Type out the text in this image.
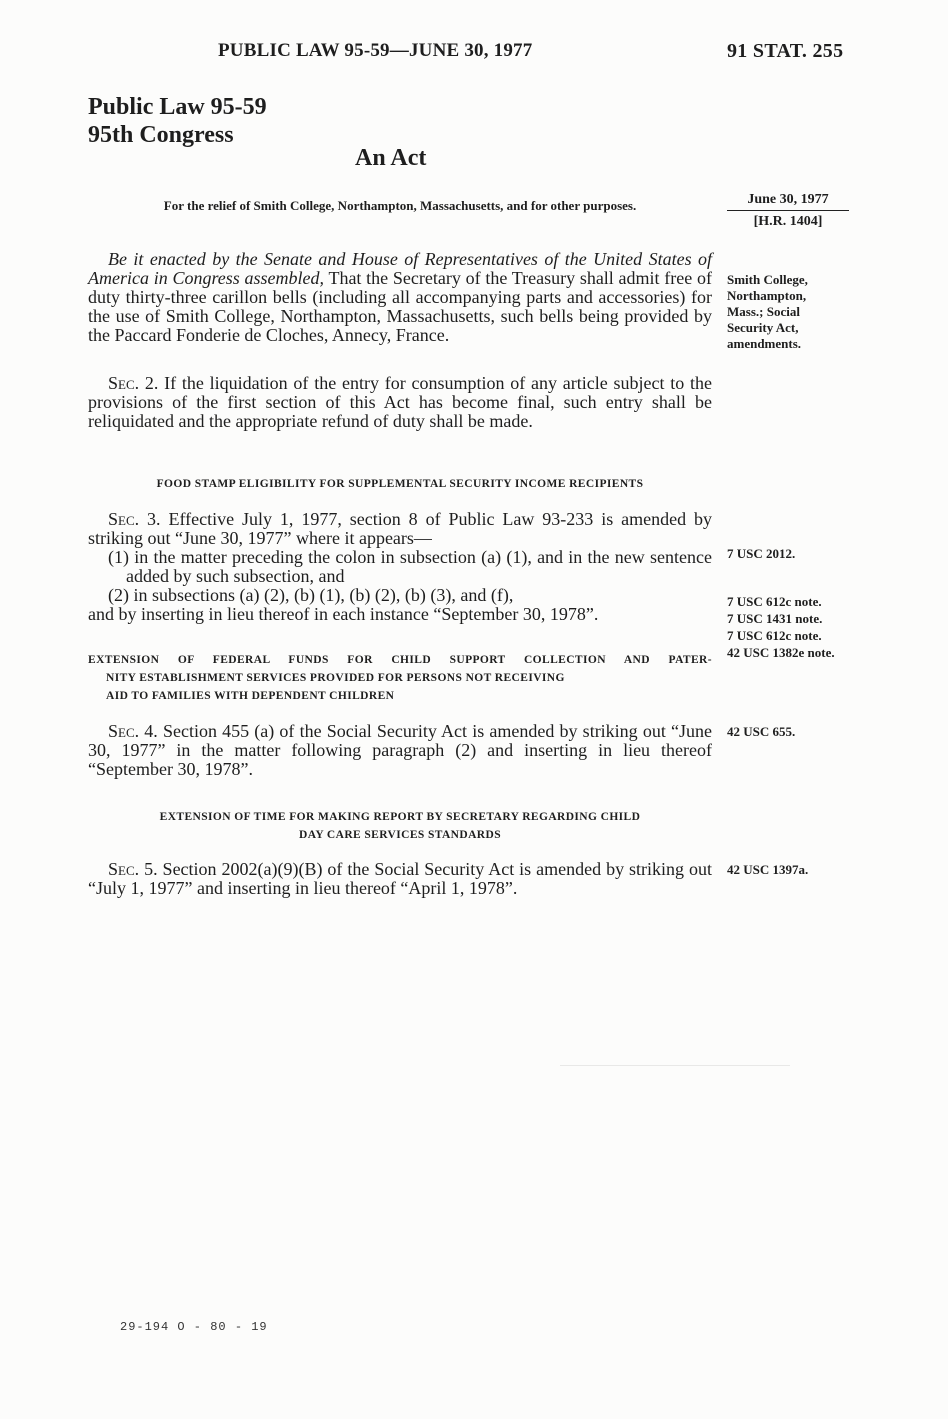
PUBLIC LAW 95-59—JUNE 30, 1977	91 STAT. 255
Public Law 95-59
95th Congress
An Act
For the relief of Smith College, Northampton, Massachusetts, and for other purposes.
Be it enacted by the Senate and House of Representatives of the United States of America in Congress assembled, That the Secretary of the Treasury shall admit free of duty thirty-three carillon bells (including all accompanying parts and accessories) for the use of Smith College, Northampton, Massachusetts, such bells being provided by the Paccard Fonderie de Cloches, Annecy, France.
Sec. 2. If the liquidation of the entry for consumption of any article subject to the provisions of the first section of this Act has become final, such entry shall be reliquidated and the appropriate refund of duty shall be made.
FOOD STAMP ELIGIBILITY FOR SUPPLEMENTAL SECURITY INCOME RECIPIENTS
Sec. 3. Effective July 1, 1977, section 8 of Public Law 93-233 is amended by striking out “June 30, 1977” where it appears—
(1) in the matter preceding the colon in subsection (a) (1), and in the new sentence added by such subsection, and
(2) in subsections (a) (2), (b) (1), (b) (2), (b) (3), and (f),
and by inserting in lieu thereof in each instance “September 30, 1978”.
EXTENSION OF FEDERAL FUNDS FOR CHILD SUPPORT COLLECTION AND PATER-
NITY ESTABLISHMENT SERVICES PROVIDED FOR PERSONS NOT RECEIVING
AID TO FAMILIES WITH DEPENDENT CHILDREN
Sec. 4. Section 455 (a) of the Social Security Act is amended by striking out “June 30, 1977” in the matter following paragraph (2) and inserting in lieu thereof “September 30, 1978”.
EXTENSION OF TIME FOR MAKING REPORT BY SECRETARY REGARDING CHILD
DAY CARE SERVICES STANDARDS
Sec. 5. Section 2002(a)(9)(B) of the Social Security Act is amended by striking out “July 1, 1977” and inserting in lieu thereof “April 1, 1978”.
June 30, 1977
[H.R. 1404]
Smith College, Northampton, Mass.; Social Security Act, amendments.
7 USC 2012.
7 USC 612c note.
7 USC 1431 note.
7 USC 612c note.
42 USC 1382e note.
42 USC 655.
42 USC 1397a.
29-194 O - 80 - 19
